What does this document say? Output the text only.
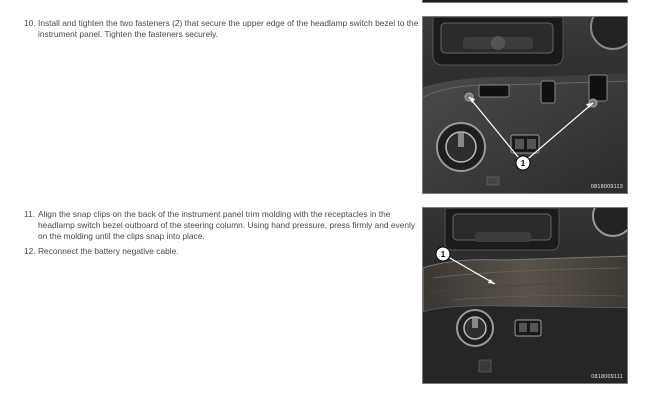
10. Install and tighten the two fasteners (2) that secure the upper edge of the headlamp switch bezel to the instrument panel. Tighten the fasteners securely.
11. Align the snap clips on the back of the instrument panel trim molding with the receptacles in the headlamp switch bezel outboard of the steering column. Using hand pressure, press firmly and evenly on the molding until the clips snap into place.
12. Reconnect the battery negative cable.
1
0818009113
1
0818009111
